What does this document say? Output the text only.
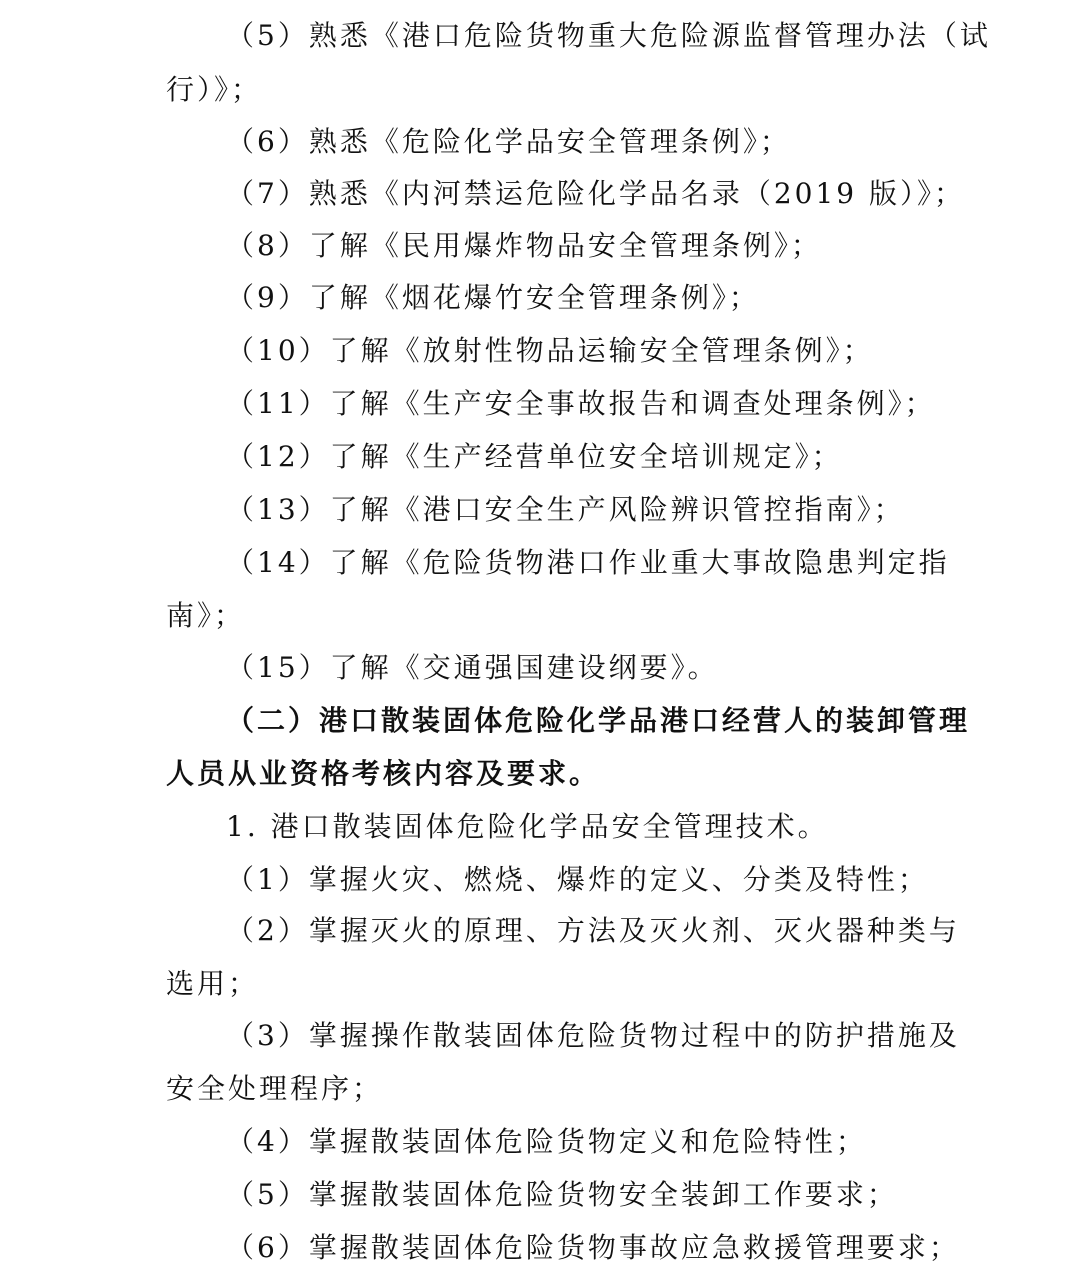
（5）熟悉《港口危险货物重大危险源监督管理办法（试
行）》；
（6）熟悉《危险化学品安全管理条例》；
（7）熟悉《内河禁运危险化学品名录（2019 版）》；
（8）了解《民用爆炸物品安全管理条例》；
（9）了解《烟花爆竹安全管理条例》；
（10）了解《放射性物品运输安全管理条例》；
（11）了解《生产安全事故报告和调查处理条例》；
（12）了解《生产经营单位安全培训规定》；
（13）了解《港口安全生产风险辨识管控指南》；
（14）了解《危险货物港口作业重大事故隐患判定指
南》；
（15）了解《交通强国建设纲要》。
（二）港口散装固体危险化学品港口经营人的装卸管理
人员从业资格考核内容及要求。
1. 港口散装固体危险化学品安全管理技术。
（1）掌握火灾、燃烧、爆炸的定义、分类及特性；
（2）掌握灭火的原理、方法及灭火剂、灭火器种类与
选用；
（3）掌握操作散装固体危险货物过程中的防护措施及
安全处理程序；
（4）掌握散装固体危险货物定义和危险特性；
（5）掌握散装固体危险货物安全装卸工作要求；
（6）掌握散装固体危险货物事故应急救援管理要求；
